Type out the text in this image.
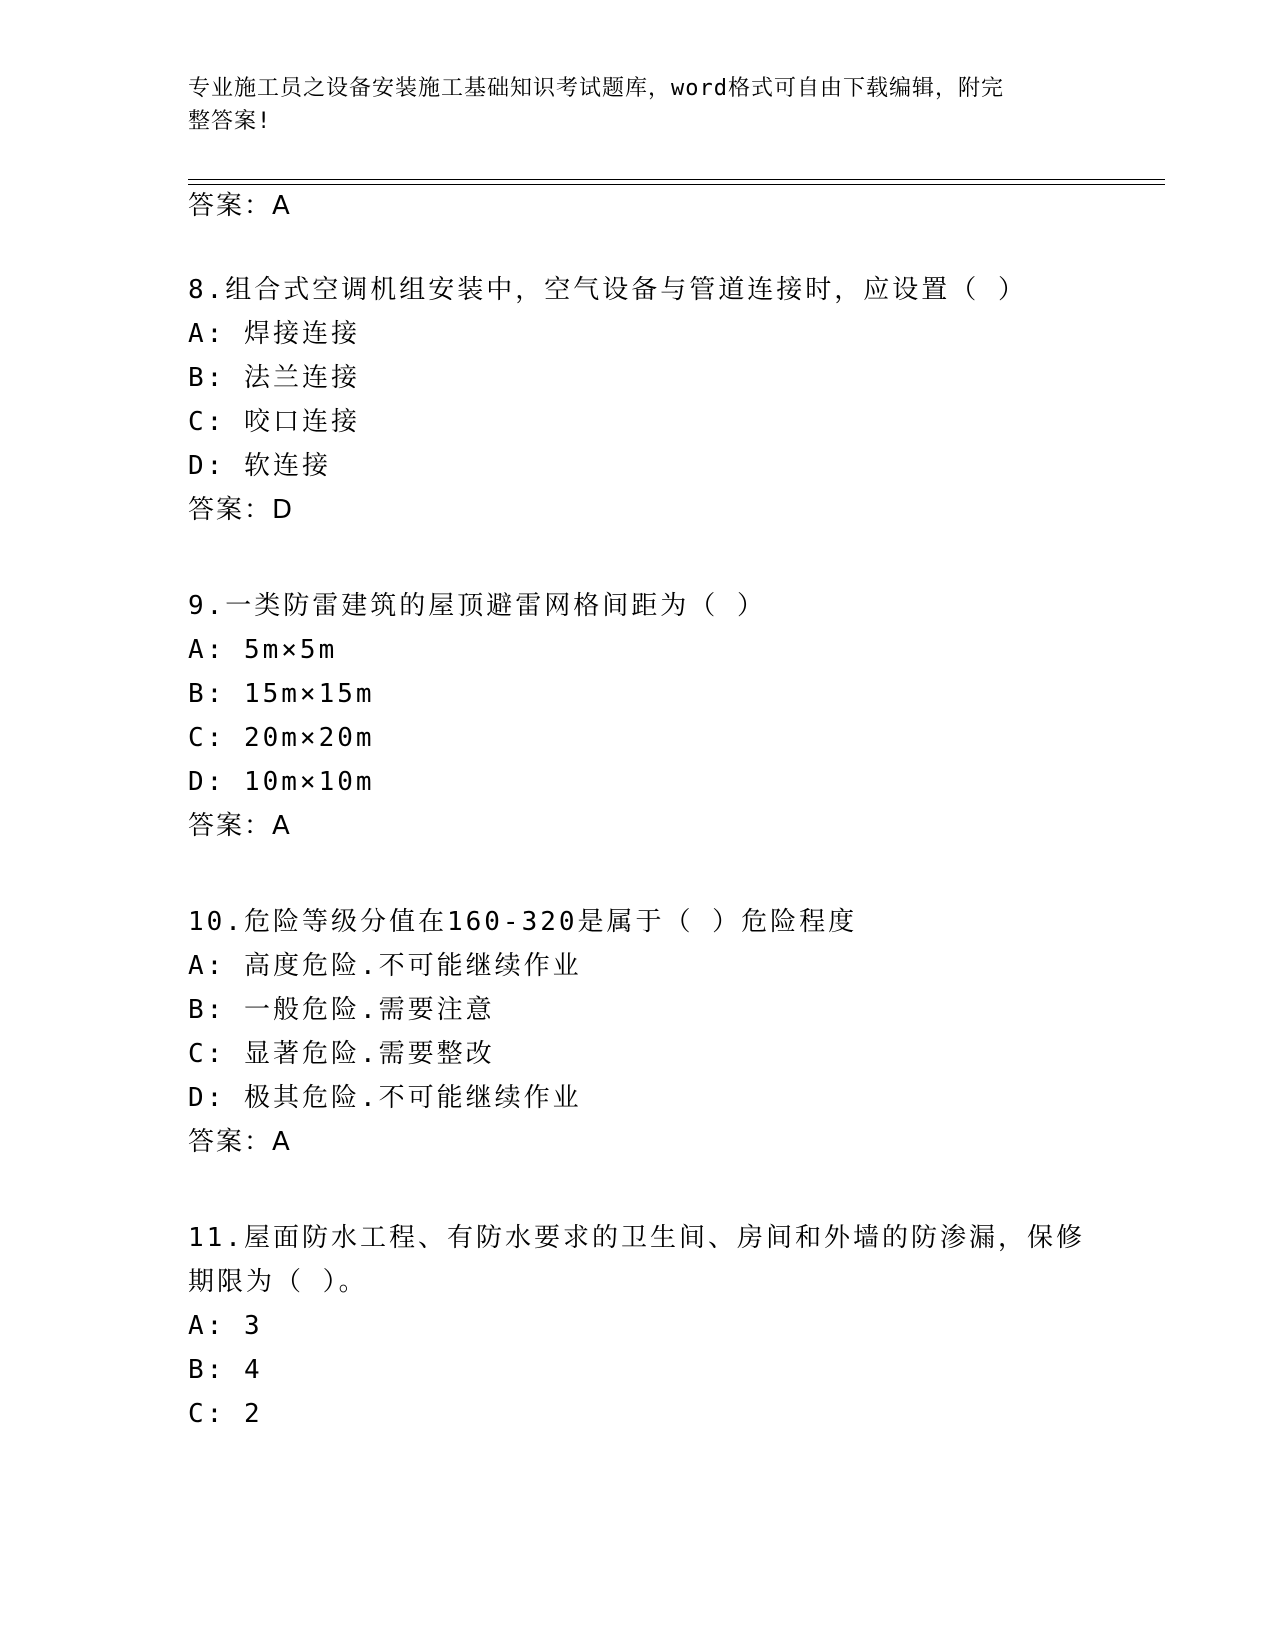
专业施工员之设备安装施工基础知识考试题库，word格式可自由下载编辑，附完
整答案!
答案：A
8.组合式空调机组安装中，空气设备与管道连接时，应设置（ ）
A: 焊接连接
B: 法兰连接
C: 咬口连接
D: 软连接
答案：D
9.一类防雷建筑的屋顶避雷网格间距为（ ）
A: 5m×5m
B: 15m×15m
C: 20m×20m
D: 10m×10m
答案：A
10.危险等级分值在160-320是属于（ ）危险程度
A: 高度危险.不可能继续作业
B: 一般危险.需要注意
C: 显著危险.需要整改
D: 极其危险.不可能继续作业
答案：A
11.屋面防水工程、有防水要求的卫生间、房间和外墙的防渗漏，保修
期限为（ ）。
A: 3
B: 4
C: 2
